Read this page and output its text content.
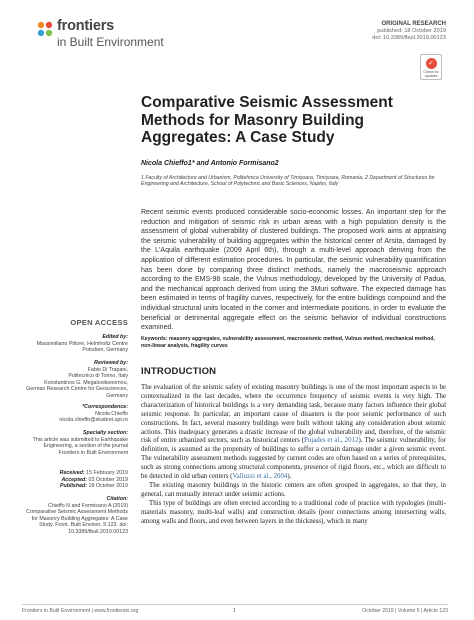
frontiers
in Built Environment
ORIGINAL RESEARCH
published: 18 October 2019
doi: 10.3389/fbuil.2019.00123
✓
Check for updates
Comparative Seismic Assessment Methods for Masonry Building Aggregates: A Case Study
Nicola Chieffo1* and Antonio Formisano2
1 Faculty of Architecture and Urbanism, Politehnica University of Timişoara, Timişoara, Romania, 2 Department of Structures for Engineering and Architecture, School of Polytechnic and Basic Sciences, Naples, Italy
Recent seismic events produced considerable socio-economic losses. An important step for the reduction and mitigation of seismic risk in urban areas with a high population density is the assessment of global vulnerability of clustered buildings. The proposed work aims at appraising the seismic vulnerability of building aggregates within the historical center of Arsita, damaged by the L'Aquila earthquake (2009 April 6th), through a multi-level approach deriving from the application of different estimation procedures. In particular, the seismic vulnerability quantification has been done by comparing three distinct methods, namely the macroseismic approach according to the EMS-98 scale, the Vulnus methodology, developed by the University of Padua, and the mechanical approach derived from using the 3Muri software. The expected damage has been estimated in terms of fragility curves, respectively, for the entire buildings compound and the individual structural units located in the corner and intermediate positions, in order to evaluate the beneficial or detrimental aggregate effect on the seismic behavior of individual constructions examined.
Keywords: masonry aggregates, vulnerability assessment, macroseismic method, Vulnus method, mechanical method, non-linear analysis, fragility curves
INTRODUCTION

The evaluation of the seismic safety of existing masonry buildings is one of the most important aspects to be contextualized in the last decades, where the occurrence frequency of seismic events is very high. The characterization of historical buildings is a very demanding task, because many factors influence their global seismic response. In particular, an important cause of disasters is the poor seismic performance of such constructions. In fact, several masonry buildings were built without taking any consideration about seismic actions. This inadequacy generates a drastic increase of the global vulnerability and, therefore, of the seismic risk of entire urbanized sectors, such as historical centers (Pujades et al., 2012). The seismic vulnerability, for definition, is assumed as the propensity of buildings to suffer a certain damage under a given seismic event. The vulnerability assessment methods suggested by current codes are often based on a series of prerequisites, such as strong connections among structural components, presence of rigid floors, etc., which are difficult to be detected in old urban centers (Valluzzi et al., 2004).

The existing masonry buildings in the historic centers are often grouped in aggregates, so that they, in general, can mutually interact under seismic actions.

This type of buildings are often erected according to a traditional code of practice with typologies (multi-materials masonry, multi-leaf walls) and construction details (poor connections among intersecting walls, among walls and floors, and even between layers in the thickness), which in many

OPEN ACCESS
Edited by:
Massimiliano Pittore, Helmholtz Centre Potsdam, Germany
Reviewed by:
Fabio Di Trapani,
Politecnico di Torino, Italy
Konstantinos G. Megalooikonomou,
German Research Centre for Geosciences, Germany
*Correspondence:
Nicola Chieffo
nicola.chieffo@student.upt.ro
Specialty section:
This article was submitted to Earthquake Engineering, a section of the journal Frontiers in Built Environment
Received: 15 February 2019
Accepted: 03 October 2019
Published: 18 October 2019
Citation:
Chieffo N and Formisano A (2019) Comparative Seismic Assessment Methods for Masonry Building Aggregates: A Case Study. Front. Built Environ. 5:123. doi: 10.3389/fbuil.2019.00123
Frontiers in Built Environment | www.frontiersin.org	1	October 2019 | Volume 5 | Article 123
